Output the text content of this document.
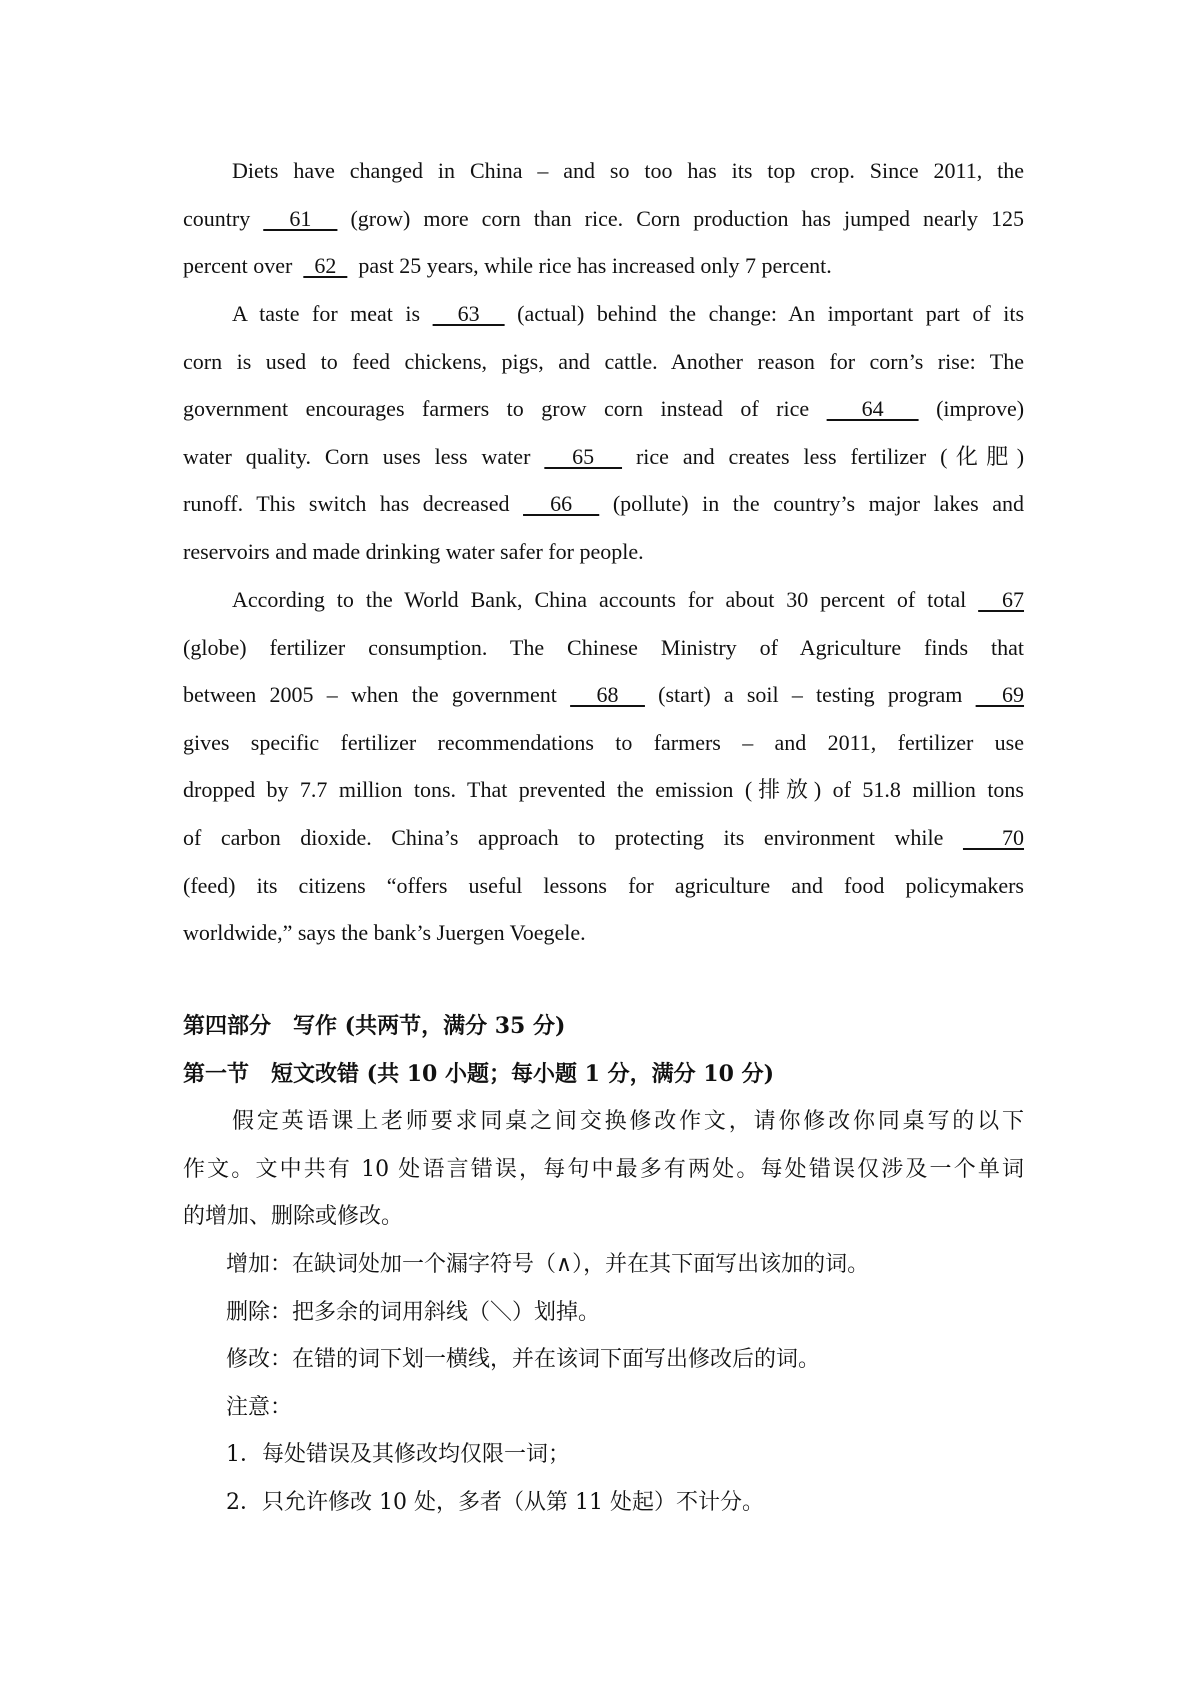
Diets have changed in China – and so too has its top crop. Since 2011, the
country   61   (grow) more corn than rice. Corn production has jumped nearly 125
percent over    62    past 25 years, while rice has increased only 7 percent.
A taste for meat is   63   (actual) behind the change: An important part of its
corn is used to feed chickens, pigs, and cattle. Another reason for corn’s rise: The
government encourages farmers to grow corn instead of rice   64   (improve)
water quality. Corn uses less water   65   rice and creates less fertilizer (化肥)
runoff. This switch has decreased   66   (pollute) in the country’s major lakes and
reservoirs and made drinking water safer for people.
According to the World Bank, China accounts for about 30 percent of total   67
(globe) fertilizer consumption. The Chinese Ministry of Agriculture finds that
between 2005 – when the government   68   (start) a soil – testing program   69
gives specific fertilizer recommendations to farmers – and 2011, fertilizer use
dropped by 7.7 million tons. That prevented the emission (排放) of 51.8 million tons
of carbon dioxide. China’s approach to protecting its environment while   70
(feed) its citizens “offers useful lessons for agriculture and food policymakers
worldwide,” says the bank’s Juergen Voegele.
第四部分　写作 (共两节，满分 35 分)
第一节　短文改错 (共 10 小题；每小题 1 分，满分 10 分)
假定英语课上老师要求同桌之间交换修改作文，请你修改你同桌写的以下
作文。文中共有 10 处语言错误，每句中最多有两处。每处错误仅涉及一个单词
的增加、删除或修改。
增加：在缺词处加一个漏字符号（∧），并在其下面写出该加的词。
删除：把多余的词用斜线（＼）划掉。
修改：在错的词下划一横线，并在该词下面写出修改后的词。
注意：
1．每处错误及其修改均仅限一词；
2．只允许修改 10 处，多者（从第 11 处起）不计分。
